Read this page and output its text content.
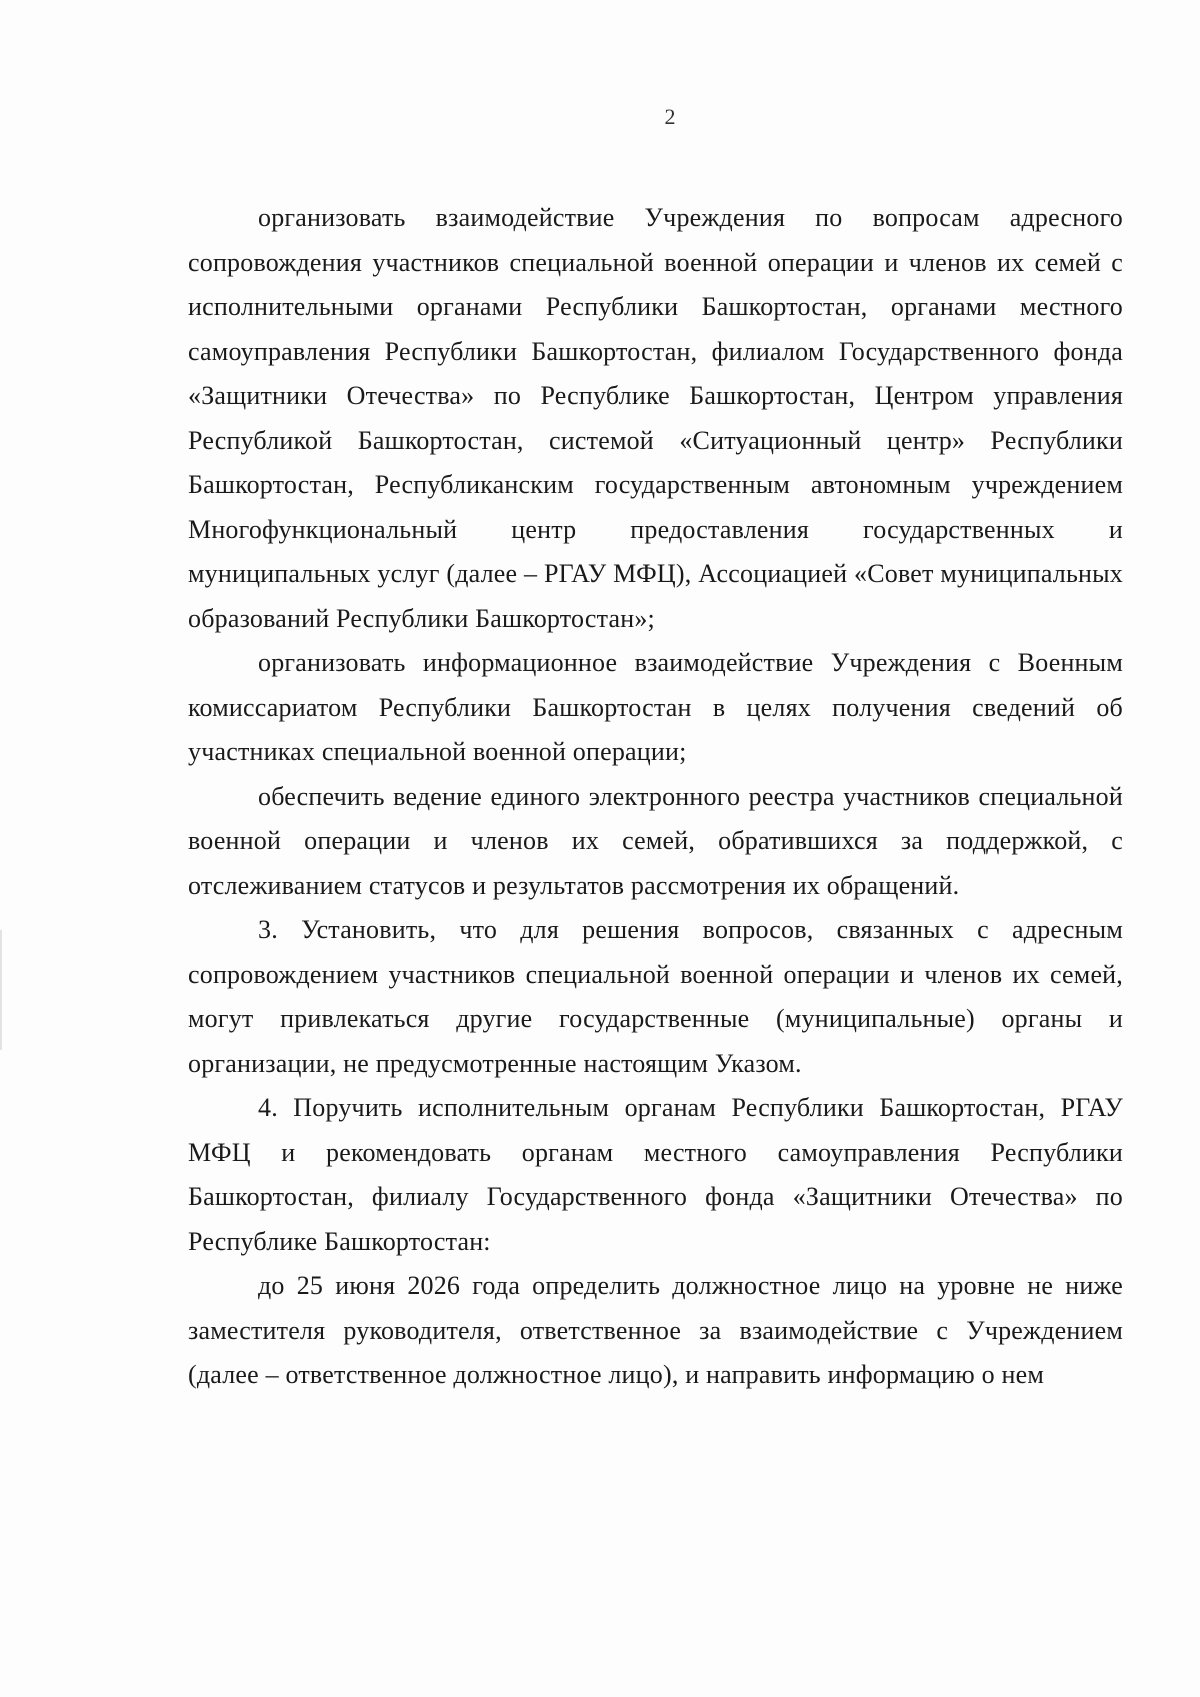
2

организовать взаимодействие Учреждения по вопросам адресного сопровождения участников специальной военной операции и членов их семей с исполнительными органами Республики Башкортостан, органами местного самоуправления Республики Башкортостан, филиалом Государственного фонда «Защитники Отечества» по Республике Башкортостан, Центром управления Республикой Башкортостан, системой «Ситуационный центр» Республики Башкортостан, Республиканским государственным автономным учреждением Многофункциональный центр предоставления государственных и муниципальных услуг (далее – РГАУ МФЦ), Ассоциацией «Совет муниципальных образований Республики Башкортостан»;

организовать информационное взаимодействие Учреждения с Военным комиссариатом Республики Башкортостан в целях получения сведений об участниках специальной военной операции;

обеспечить ведение единого электронного реестра участников специальной военной операции и членов их семей, обратившихся за поддержкой, с отслеживанием статусов и результатов рассмотрения их обращений.

3. Установить, что для решения вопросов, связанных с адресным сопровождением участников специальной военной операции и членов их семей, могут привлекаться другие государственные (муниципальные) органы и организации, не предусмотренные настоящим Указом.

4. Поручить исполнительным органам Республики Башкортостан, РГАУ МФЦ и рекомендовать органам местного самоуправления Республики Башкортостан, филиалу Государственного фонда «Защитники Отечества» по Республике Башкортостан:

до 25 июня 2026 года определить должностное лицо на уровне не ниже заместителя руководителя, ответственное за взаимодействие с Учреждением (далее – ответственное должностное лицо), и направить информацию о нем
